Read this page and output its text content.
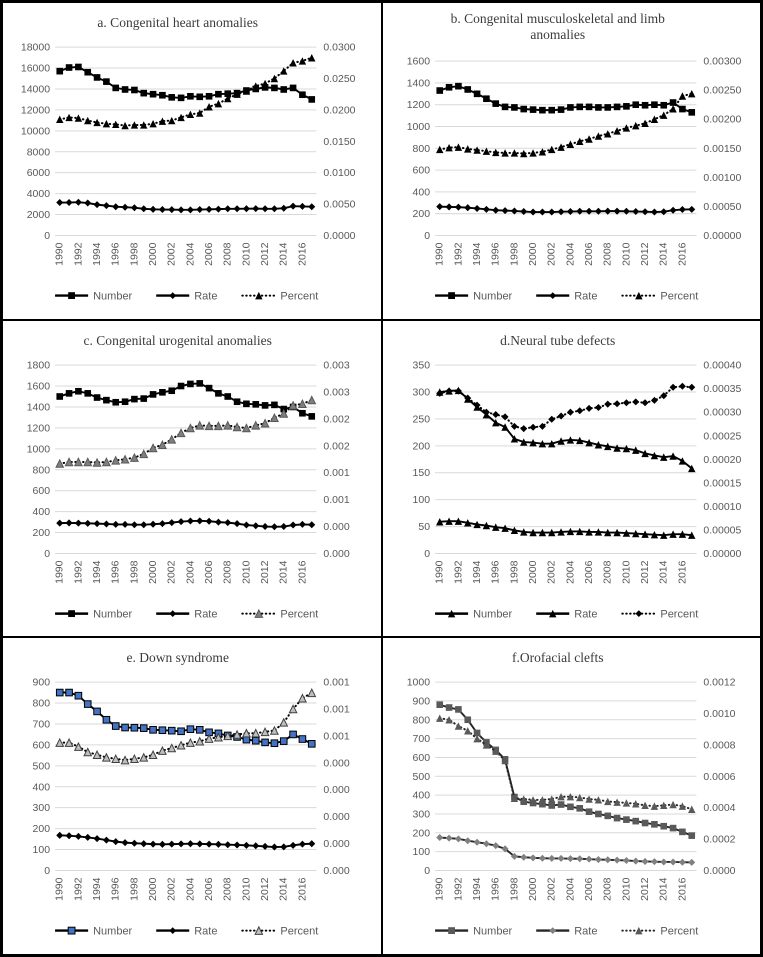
a. Congenital heart anomalies
18000
16000
14000
12000
10000
8000
6000
4000
2000
0
0.0300
0.0250
0.0200
0.0150
0.0100
0.0050
0.0000
1990 1992 1994 1996 1998 2000 2002 2004 2006 2008 2010 2012 2014 2016
Number	Rate	Percent
b. Congenital musculoskeletal and limb
anomalies
1600
1400
1200
1000
800
600
400
200
0
0.00300
0.00250
0.00200
0.00150
0.00100
0.00050
0.00000
1990 1992 1994 1996 1998 2000 2002 2004 2006 2008 2010 2012 2014 2016
Number	Rate	Percent
c. Congenital urogenital anomalies
1800
1600
1400
1200
1000
800
600
400
200
0
0.003
0.003
0.002
0.002
0.001
0.001
0.000
0.000
1990 1992 1994 1996 1998 2000 2002 2004 2006 2008 2010 2012 2014 2016
Number	Rate	Percent
d.Neural tube defects
350
300
250
200
150
100
50
0
0.00040
0.00035
0.00030
0.00025
0.00020
0.00015
0.00010
0.00005
0.00000
1990 1992 1994 1996 1998 2000 2002 2004 2006 2008 2010 2012 2014 2016
Number	Rate	Percent
e. Down syndrome
900
800
700
600
500
400
300
200
100
0
0.001
0.001
0.001
0.000
0.000
0.000
0.000
0.000
1990 1992 1994 1996 1998 2000 2002 2004 2006 2008 2010 2012 2014 2016
Number	Rate	Percent
f.Orofacial clefts
1000
900
800
700
600
500
400
300
200
100
0
0.0012
0.0010
0.0008
0.0006
0.0004
0.0002
0.0000
1990 1992 1994 1996 1998 2000 2002 2004 2006 2008 2010 2012 2014 2016
Number	Rate	Percent
